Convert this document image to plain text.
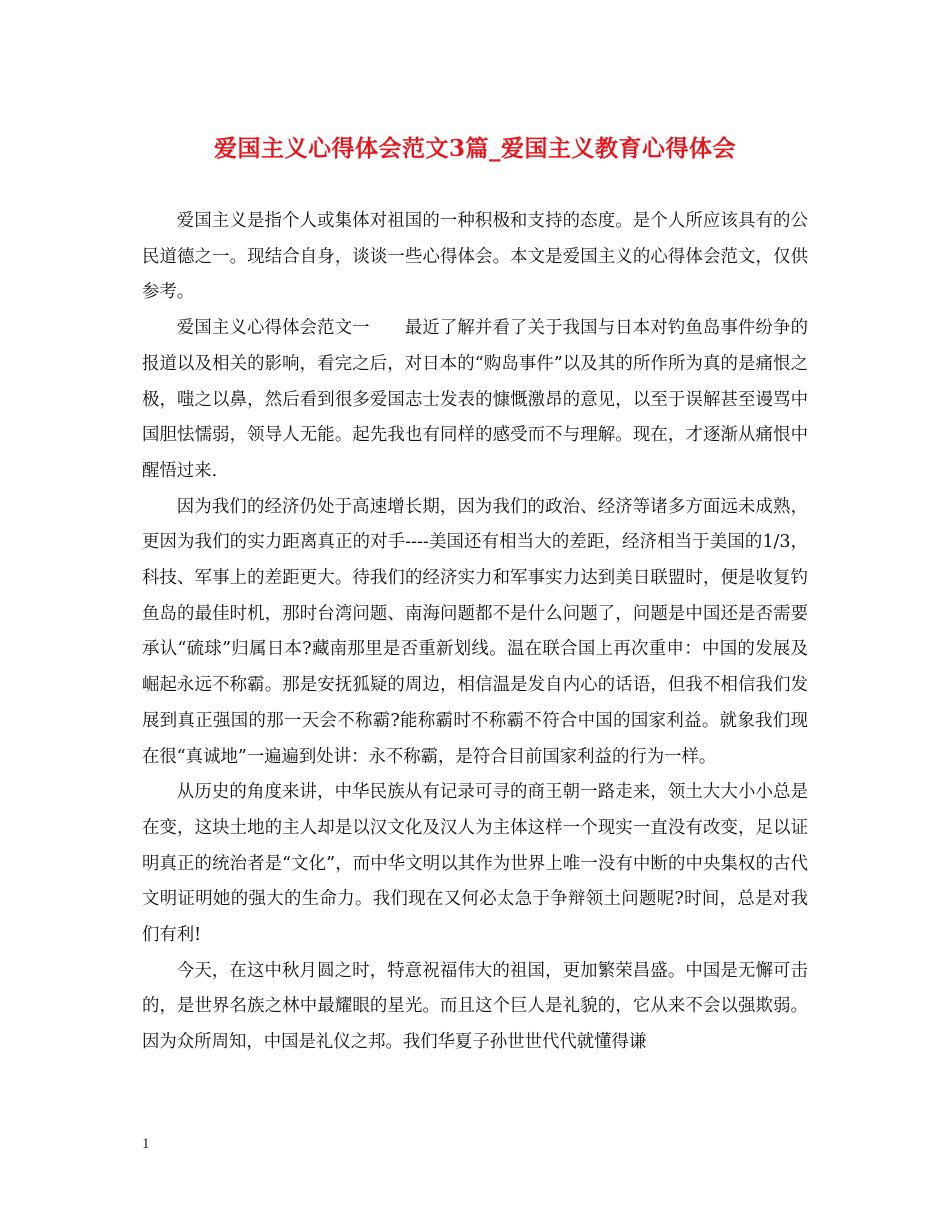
爱国主义心得体会范文3篇_爱国主义教育心得体会

爱国主义是指个人或集体对祖国的一种积极和支持的态度。是个人所应该具有的公民道德之一。现结合自身，谈谈一些心得体会。本文是爱国主义的心得体会范文，仅供参考。

爱国主义心得体会范文一　　最近了解并看了关于我国与日本对钓鱼岛事件纷争的报道以及相关的影响，看完之后，对日本的“购岛事件”以及其的所作所为真的是痛恨之极，嗤之以鼻，然后看到很多爱国志士发表的慷慨激昂的意见，以至于误解甚至谩骂中国胆怯懦弱，领导人无能。起先我也有同样的感受而不与理解。现在，才逐渐从痛恨中醒悟过来.

因为我们的经济仍处于高速增长期，因为我们的政治、经济等诸多方面远未成熟，更因为我们的实力距离真正的对手----美国还有相当大的差距，经济相当于美国的1/3，科技、军事上的差距更大。待我们的经济实力和军事实力达到美日联盟时，便是收复钓鱼岛的最佳时机，那时台湾问题、南海问题都不是什么问题了，问题是中国还是否需要承认“硫球”归属日本?藏南那里是否重新划线。温在联合国上再次重申：中国的发展及崛起永远不称霸。那是安抚狐疑的周边，相信温是发自内心的话语，但我不相信我们发展到真正强国的那一天会不称霸?能称霸时不称霸不符合中国的国家利益。就象我们现在很“真诚地”一遍遍到处讲：永不称霸，是符合目前国家利益的行为一样。

从历史的角度来讲，中华民族从有记录可寻的商王朝一路走来，领土大大小小总是在变，这块土地的主人却是以汉文化及汉人为主体这样一个现实一直没有改变，足以证明真正的统治者是“文化”，而中华文明以其作为世界上唯一没有中断的中央集权的古代文明证明她的强大的生命力。我们现在又何必太急于争辩领土问题呢?时间，总是对我们有利!

今天，在这中秋月圆之时，特意祝福伟大的祖国，更加繁荣昌盛。中国是无懈可击的，是世界名族之林中最耀眼的星光。而且这个巨人是礼貌的，它从来不会以强欺弱。因为众所周知，中国是礼仪之邦。我们华夏子孙世世代代就懂得谦

1
